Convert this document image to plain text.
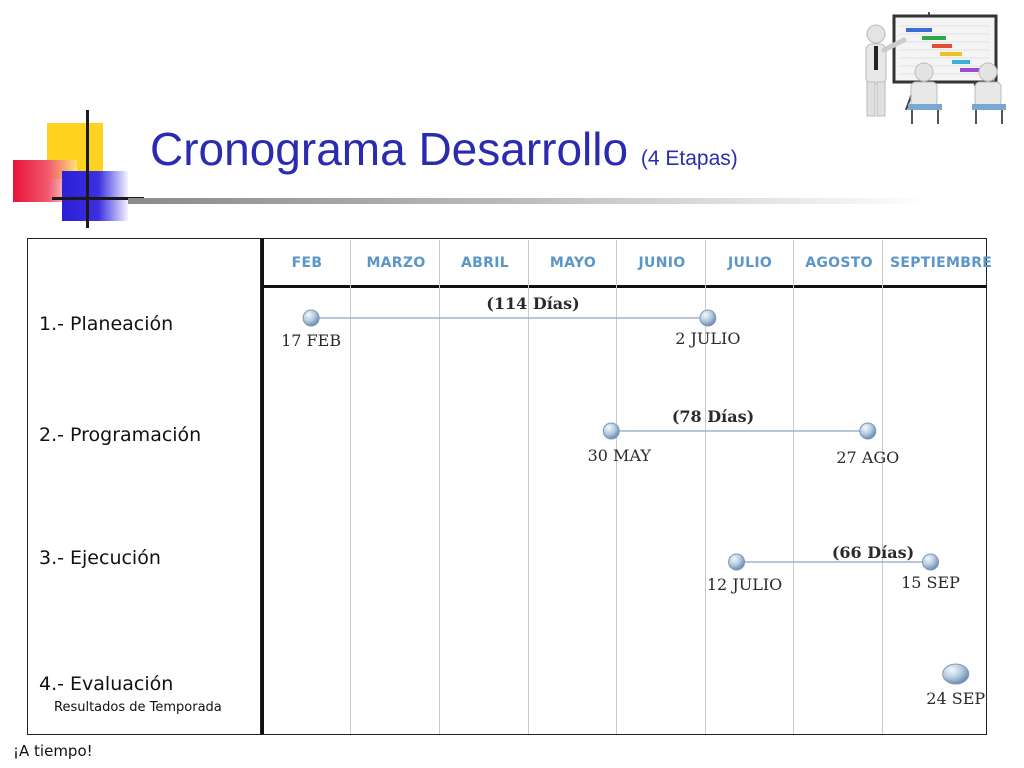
Cronograma Desarrollo (4 Etapas)
FEB	MARZO	ABRIL	MAYO	JUNIO	JULIO	AGOSTO	SEPTIEMBRE
1.- Planeación
2.- Programación
3.- Ejecución
4.- Evaluación
Resultados de Temporada
¡A tiempo!
17 FEB	2 JULIO
(114 Días)
30 MAY	27 AGO
(78 Días)
12 JULIO	15 SEP
(66 Días)
24 SEP
